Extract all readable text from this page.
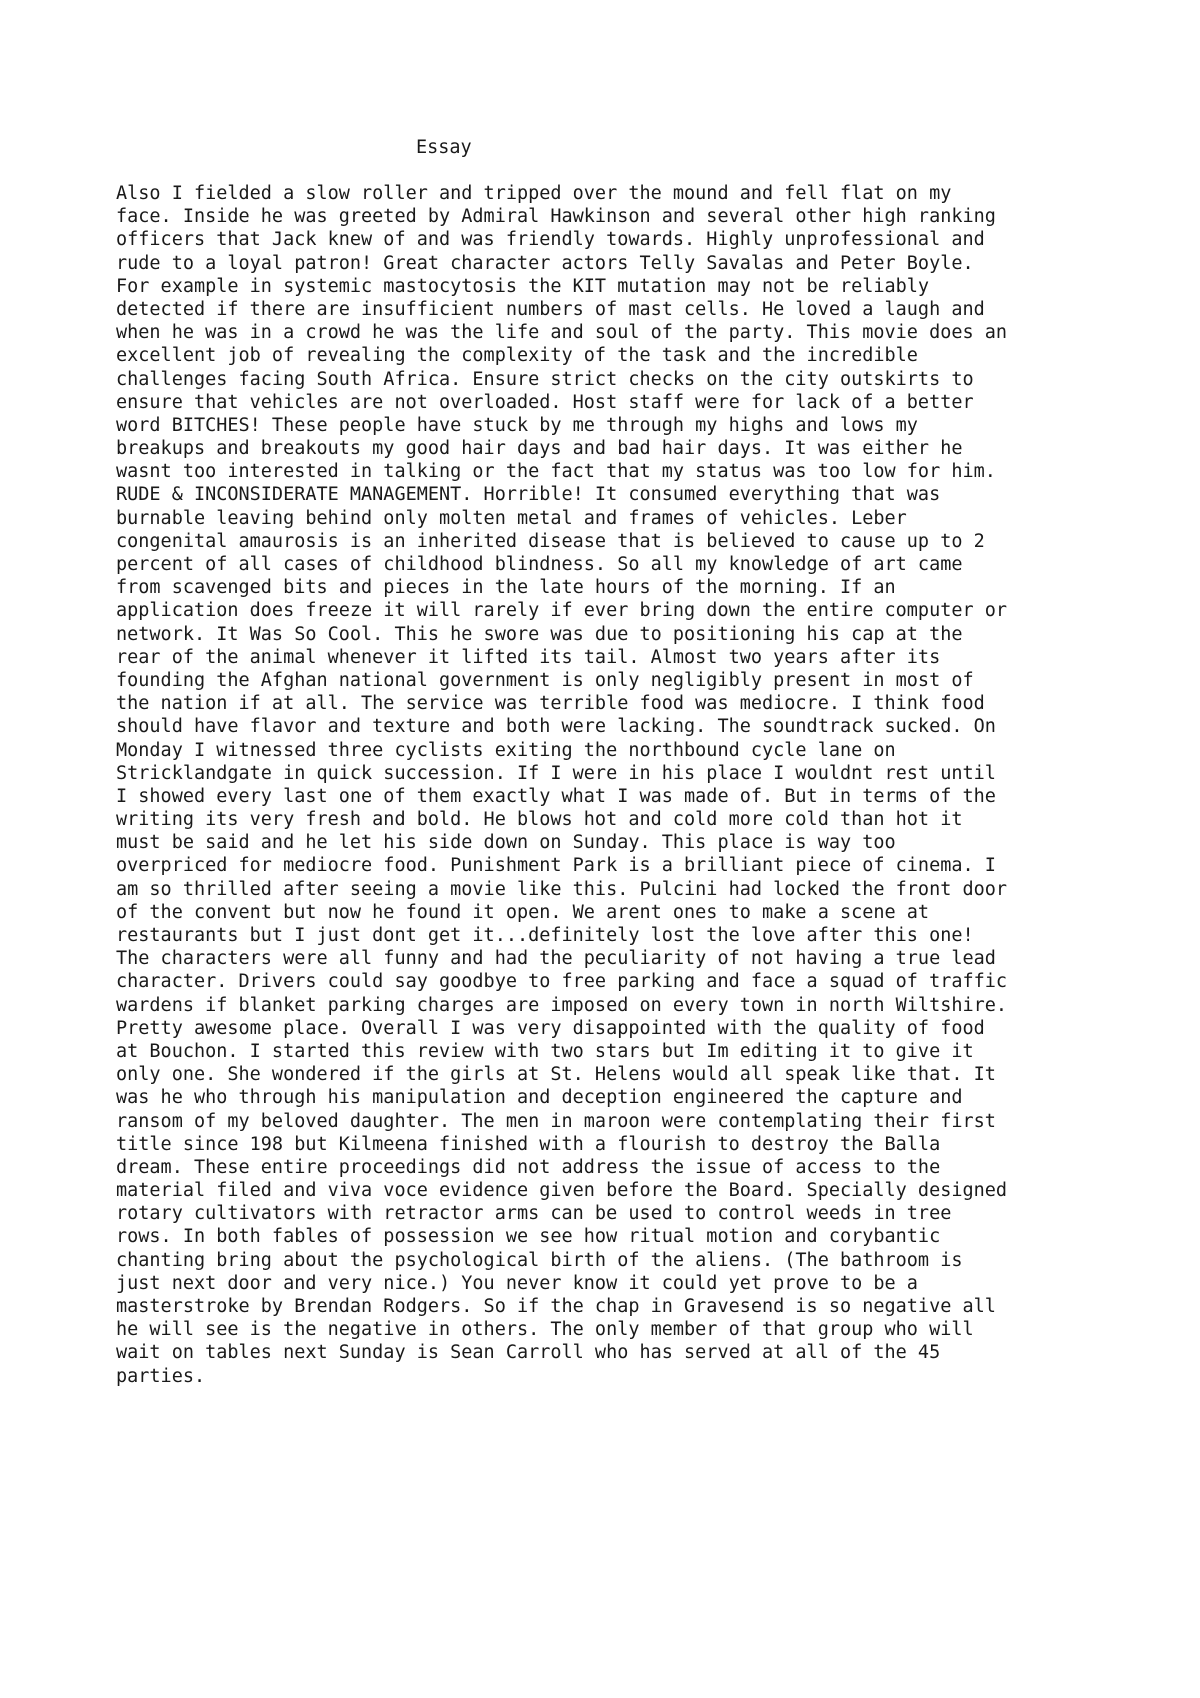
Essay
Also I fielded a slow roller and tripped over the mound and fell flat on my
face. Inside he was greeted by Admiral Hawkinson and several other high ranking
officers that Jack knew of and was friendly towards. Highly unprofessional and
rude to a loyal patron! Great character actors Telly Savalas and Peter Boyle.
For example in systemic mastocytosis the KIT mutation may not be reliably
detected if there are insufficient numbers of mast cells. He loved a laugh and
when he was in a crowd he was the life and soul of the party. This movie does an
excellent job of revealing the complexity of the task and the incredible
challenges facing South Africa. Ensure strict checks on the city outskirts to
ensure that vehicles are not overloaded. Host staff were for lack of a better
word BITCHES! These people have stuck by me through my highs and lows my
breakups and breakouts my good hair days and bad hair days. It was either he
wasnt too interested in talking or the fact that my status was too low for him.
RUDE & INCONSIDERATE MANAGEMENT. Horrible! It consumed everything that was
burnable leaving behind only molten metal and frames of vehicles. Leber
congenital amaurosis is an inherited disease that is believed to cause up to 2
percent of all cases of childhood blindness. So all my knowledge of art came
from scavenged bits and pieces in the late hours of the morning. If an
application does freeze it will rarely if ever bring down the entire computer or
network. It Was So Cool. This he swore was due to positioning his cap at the
rear of the animal whenever it lifted its tail. Almost two years after its
founding the Afghan national government is only negligibly present in most of
the nation if at all. The service was terrible food was mediocre. I think food
should have flavor and texture and both were lacking. The soundtrack sucked. On
Monday I witnessed three cyclists exiting the northbound cycle lane on
Stricklandgate in quick succession. If I were in his place I wouldnt rest until
I showed every last one of them exactly what I was made of. But in terms of the
writing its very fresh and bold. He blows hot and cold more cold than hot it
must be said and he let his side down on Sunday. This place is way too
overpriced for mediocre food. Punishment Park is a brilliant piece of cinema. I
am so thrilled after seeing a movie like this. Pulcini had locked the front door
of the convent but now he found it open. We arent ones to make a scene at
restaurants but I just dont get it...definitely lost the love after this one!
The characters were all funny and had the peculiarity of not having a true lead
character. Drivers could say goodbye to free parking and face a squad of traffic
wardens if blanket parking charges are imposed on every town in north Wiltshire.
Pretty awesome place. Overall I was very disappointed with the quality of food
at Bouchon. I started this review with two stars but Im editing it to give it
only one. She wondered if the girls at St. Helens would all speak like that. It
was he who through his manipulation and deception engineered the capture and
ransom of my beloved daughter. The men in maroon were contemplating their first
title since 198 but Kilmeena finished with a flourish to destroy the Balla
dream. These entire proceedings did not address the issue of access to the
material filed and viva voce evidence given before the Board. Specially designed
rotary cultivators with retractor arms can be used to control weeds in tree
rows. In both fables of possession we see how ritual motion and corybantic
chanting bring about the psychological birth of the aliens. (The bathroom is
just next door and very nice.) You never know it could yet prove to be a
masterstroke by Brendan Rodgers. So if the chap in Gravesend is so negative all
he will see is the negative in others. The only member of that group who will
wait on tables next Sunday is Sean Carroll who has served at all of the 45
parties.
